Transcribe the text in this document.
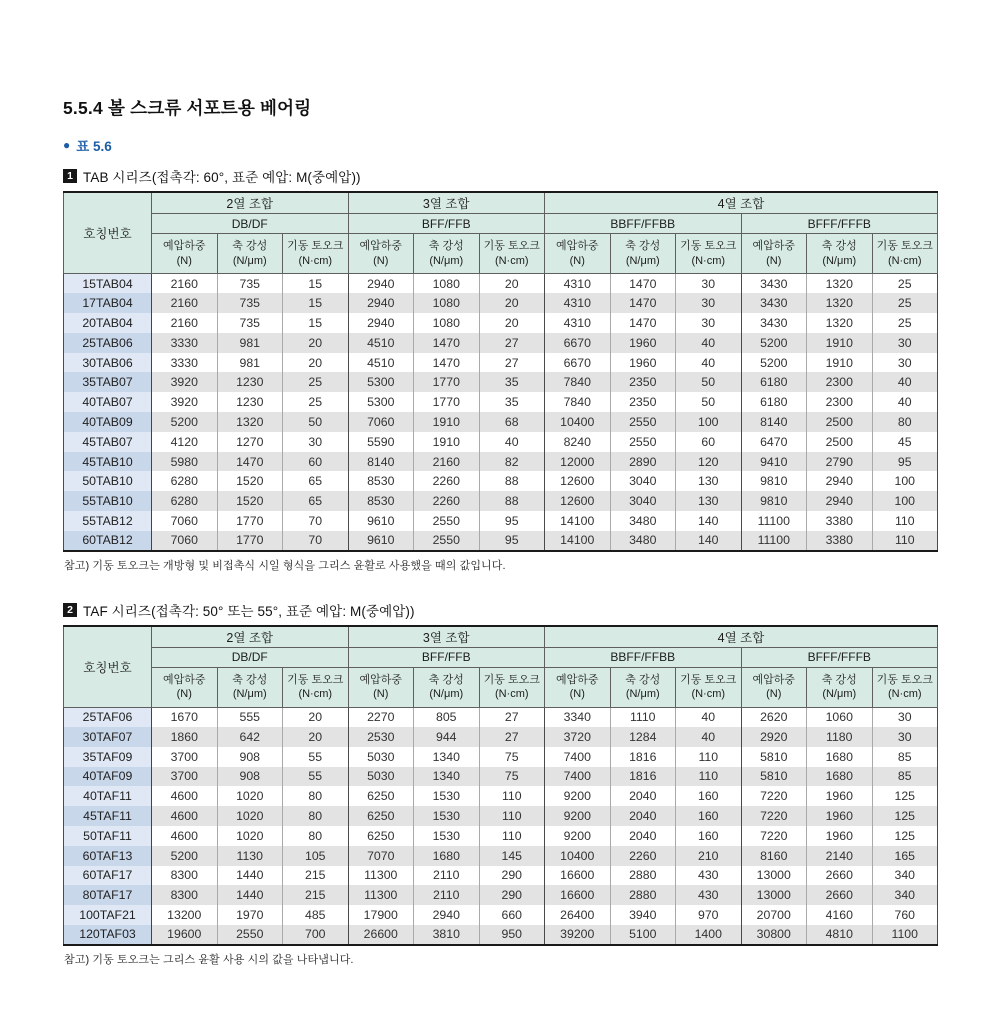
5.5.4 볼 스크류 서포트용 베어링
● 표 5.6
1 TAB 시리즈(접촉각: 60°, 표준 예압: M(중예압))
호칭번호	2열 조합			3열 조합			4열 조합					
	DB/DF			BFF/FFB			BBFF/FFBB			BFFF/FFFB		
	예압하중
(N)	축 강성
(N/μm)	기동 토오크
(N·cm)	예압하중
(N)	축 강성
(N/μm)	기동 토오크
(N·cm)	예압하중
(N)	축 강성
(N/μm)	기동 토오크
(N·cm)	예압하중
(N)	축 강성
(N/μm)	기동 토오크
(N·cm)
15TAB04	2160	735	15	2940	1080	20	4310	1470	30	3430	1320	25
17TAB04	2160	735	15	2940	1080	20	4310	1470	30	3430	1320	25
20TAB04	2160	735	15	2940	1080	20	4310	1470	30	3430	1320	25
25TAB06	3330	981	20	4510	1470	27	6670	1960	40	5200	1910	30
30TAB06	3330	981	20	4510	1470	27	6670	1960	40	5200	1910	30
35TAB07	3920	1230	25	5300	1770	35	7840	2350	50	6180	2300	40
40TAB07	3920	1230	25	5300	1770	35	7840	2350	50	6180	2300	40
40TAB09	5200	1320	50	7060	1910	68	10400	2550	100	8140	2500	80
45TAB07	4120	1270	30	5590	1910	40	8240	2550	60	6470	2500	45
45TAB10	5980	1470	60	8140	2160	82	12000	2890	120	9410	2790	95
50TAB10	6280	1520	65	8530	2260	88	12600	3040	130	9810	2940	100
55TAB10	6280	1520	65	8530	2260	88	12600	3040	130	9810	2940	100
55TAB12	7060	1770	70	9610	2550	95	14100	3480	140	11100	3380	110
60TAB12	7060	1770	70	9610	2550	95	14100	3480	140	11100	3380	110
참고) 기동 토오크는 개방형 및 비접촉식 시일 형식을 그리스 윤활로 사용했을 때의 값입니다.
2 TAF 시리즈(접촉각: 50° 또는 55°, 표준 예압: M(중예압))
호칭번호	2열 조합			3열 조합			4열 조합					
	DB/DF			BFF/FFB			BBFF/FFBB			BFFF/FFFB		
	예압하중
(N)	축 강성
(N/μm)	기동 토오크
(N·cm)	예압하중
(N)	축 강성
(N/μm)	기동 토오크
(N·cm)	예압하중
(N)	축 강성
(N/μm)	기동 토오크
(N·cm)	예압하중
(N)	축 강성
(N/μm)	기동 토오크
(N·cm)
25TAF06	1670	555	20	2270	805	27	3340	1110	40	2620	1060	30
30TAF07	1860	642	20	2530	944	27	3720	1284	40	2920	1180	30
35TAF09	3700	908	55	5030	1340	75	7400	1816	110	5810	1680	85
40TAF09	3700	908	55	5030	1340	75	7400	1816	110	5810	1680	85
40TAF11	4600	1020	80	6250	1530	110	9200	2040	160	7220	1960	125
45TAF11	4600	1020	80	6250	1530	110	9200	2040	160	7220	1960	125
50TAF11	4600	1020	80	6250	1530	110	9200	2040	160	7220	1960	125
60TAF13	5200	1130	105	7070	1680	145	10400	2260	210	8160	2140	165
60TAF17	8300	1440	215	11300	2110	290	16600	2880	430	13000	2660	340
80TAF17	8300	1440	215	11300	2110	290	16600	2880	430	13000	2660	340
100TAF21	13200	1970	485	17900	2940	660	26400	3940	970	20700	4160	760
120TAF03	19600	2550	700	26600	3810	950	39200	5100	1400	30800	4810	1100
참고) 기동 토오크는 그리스 윤활 사용 시의 값을 나타냅니다.
